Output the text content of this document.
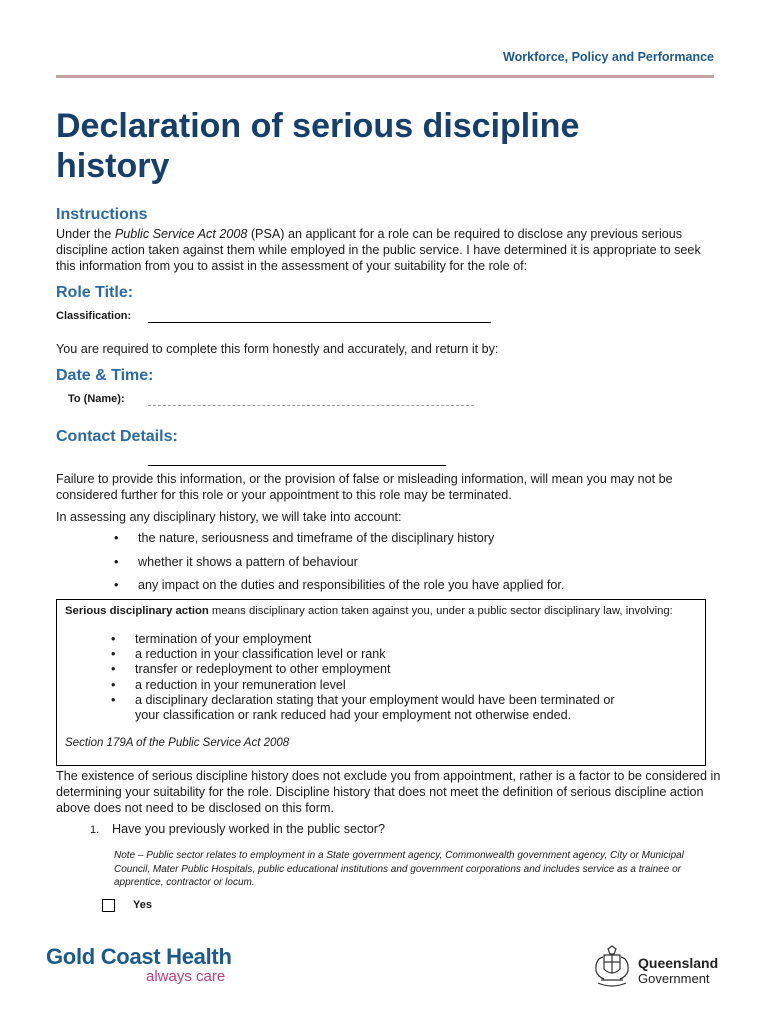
Workforce, Policy and Performance
Declaration of serious discipline
history
Instructions

Under the Public Service Act 2008 (PSA) an applicant for a role can be required to disclose any previous serious discipline action taken against them while employed in the public service. I have determined it is appropriate to seek this information from you to assist in the assessment of your suitability for the role of:

Role Title:
Classification:

You are required to complete this form honestly and accurately, and return it by:

Date & Time:
To (Name):
Contact Details:

Failure to provide this information, or the provision of false or misleading information, will mean you may not be considered further for this role or your appointment to this role may be terminated.

In assessing any disciplinary history, we will take into account:

• the nature, seriousness and timeframe of the disciplinary history
• whether it shows a pattern of behaviour
• any impact on the duties and responsibilities of the role you have applied for.
Serious disciplinary action means disciplinary action taken against you, under a public sector disciplinary law, involving:
• termination of your employment
• a reduction in your classification level or rank
• transfer or redeployment to other employment
• a reduction in your remuneration level
• a disciplinary declaration stating that your employment would have been terminated or your classification or rank reduced had your employment not otherwise ended.
Section 179A of the Public Service Act 2008

The existence of serious discipline history does not exclude you from appointment, rather is a factor to be considered in determining your suitability for the role. Discipline history that does not meet the definition of serious discipline action above does not need to be disclosed on this form.

1. Have you previously worked in the public sector?

Note – Public sector relates to employment in a State government agency, Commonwealth government agency, City or Municipal Council, Mater Public Hospitals, public educational institutions and government corporations and includes service as a trainee or apprentice, contractor or locum.

Yes
Gold Coast Health
always care
Queensland
Government
